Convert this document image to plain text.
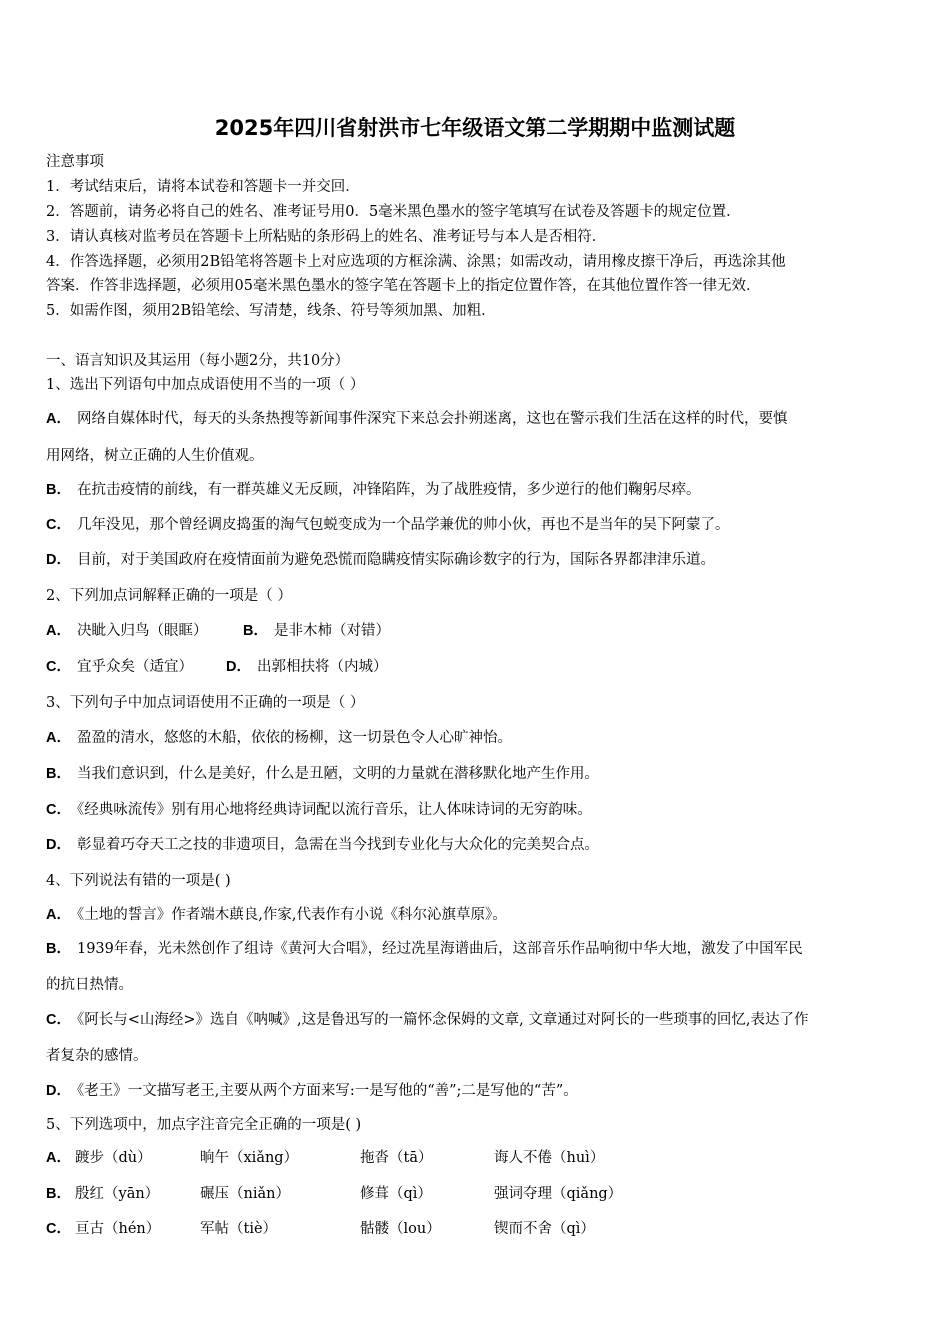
2025年四川省射洪市七年级语文第二学期期中监测试题
注意事项
1．考试结束后，请将本试卷和答题卡一并交回．
2．答题前，请务必将自己的姓名、准考证号用0．5毫米黑色墨水的签字笔填写在试卷及答题卡的规定位置．
3．请认真核对监考员在答题卡上所粘贴的条形码上的姓名、准考证号与本人是否相符．
4．作答选择题，必须用2B铅笔将答题卡上对应选项的方框涂满、涂黑；如需改动，请用橡皮擦干净后，再选涂其他
答案．作答非选择题，必须用05毫米黑色墨水的签字笔在答题卡上的指定位置作答，在其他位置作答一律无效．
5．如需作图，须用2B铅笔绘、写清楚，线条、符号等须加黑、加粗．
一、语言知识及其运用（每小题2分，共10分）
1、选出下列语句中加点成语使用不当的一项（ ）
A． 网络自媒体时代，每天的头条热搜等新闻事件深究下来总会扑朔迷离，这也在警示我们生活在这样的时代，要慎
用网络，树立正确的人生价值观。
B． 在抗击疫情的前线，有一群英雄义无反顾，冲锋陷阵，为了战胜疫情，多少逆行的他们鞠躬尽瘁。
C． 几年没见，那个曾经调皮捣蛋的淘气包蜕变成为一个品学兼优的帅小伙，再也不是当年的吴下阿蒙了。
D． 目前，对于美国政府在疫情面前为避免恐慌而隐瞒疫情实际确诊数字的行为，国际各界都津津乐道。
2、下列加点词解释正确的一项是（ ）
A． 决眦入归鸟（眼眶） B． 是非木柿（对错）
C． 宜乎众矣（适宜） D． 出郭相扶将（内城）
3、下列句子中加点词语使用不正确的一项是（ ）
A． 盈盈的清水，悠悠的木船，依依的杨柳，这一切景色令人心旷神怡。
B． 当我们意识到，什么是美好，什么是丑陋，文明的力量就在潜移默化地产生作用。
C． 《经典咏流传》别有用心地将经典诗词配以流行音乐，让人体味诗词的无穷韵味。
D． 彰显着巧夺天工之技的非遗项目，急需在当今找到专业化与大众化的完美契合点。
4、下列说法有错的一项是( )
A． 《土地的誓言》作者端木蕻良,作家,代表作有小说《科尔沁旗草原》。
B． 1939年春，光未然创作了组诗《黄河大合唱》，经过冼星海谱曲后，这部音乐作品响彻中华大地，激发了中国军民
的抗日热情。
C． 《阿长与<山海经>》选自《呐喊》,这是鲁迅写的一篇怀念保姆的文章, 文章通过对阿长的一些琐事的回忆,表达了作
者复杂的感情。
D． 《老王》一文描写老王,主要从两个方面来写:一是写他的“善”;二是写他的“苦”。
5、下列选项中，加点字注音完全正确的一项是( )
A． 踱步（dù）	晌午（xiǎng）	拖沓（tā）	诲人不倦（huì）
B． 殷红（yān）	碾压（niǎn）	修葺（qì）	强词夺理（qiǎng）
C． 亘古（hén）	军帖（tiè）	骷髅（lou）	锲而不舍（qì）
